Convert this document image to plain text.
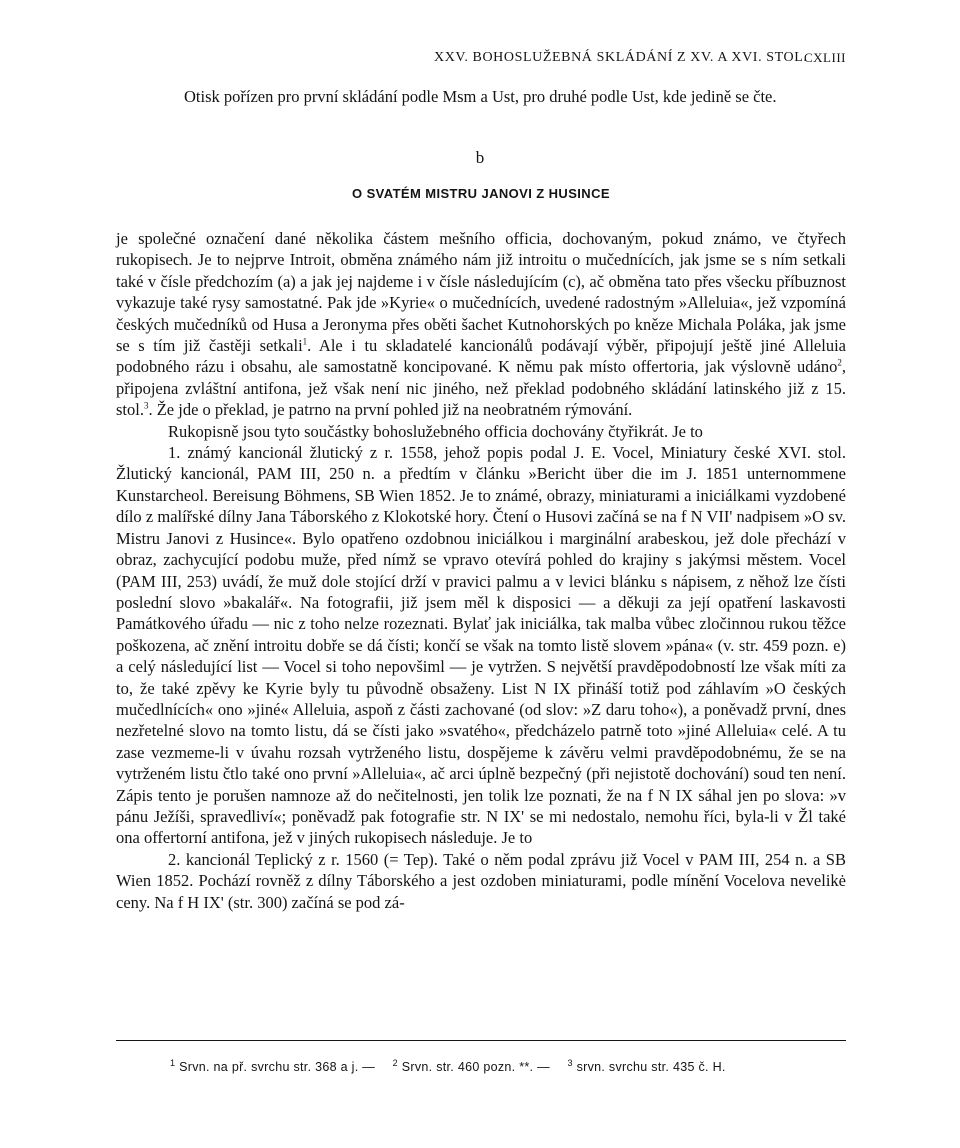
XXV. BOHOSLUŽEBNÁ SKLÁDÁNÍ Z XV. A XVI. STOL.
CXLIII
Otisk pořízen pro první skládání podle Msm a Ust, pro druhé podle Ust, kde jedině se čte.
b
O SVATÉM MISTRU JANOVI Z HUSINCE

je společné označení dané několika částem mešního officia, dochovaným, pokud známo, ve čtyřech rukopisech. Je to nejprve Introit, obměna známého nám již introitu o mučednících, jak jsme se s ním setkali také v čísle předchozím (a) a jak jej najdeme i v čísle následujícím (c), ač obměna tato přes všecku příbuznost vykazuje také rysy samostatné. Pak jde »Kyrie« o mučednících, uvedené radostným »Alleluia«, jež vzpomíná českých mučedníků od Husa a Jeronyma přes oběti šachet Kutnohorských po kněze Michala Poláka, jak jsme se s tím již častěji setkali$^1$. Ale i tu skladatelé kancionálů podávají výběr, připojují ještě jiné Alleluia podobného rázu i obsahu, ale samostatně koncipované. K němu pak místo offertoria, jak výslovně udáno$^2$, připojena zvláštní antifona, jež však není nic jiného, než překlad podobného skládání latinského již z 15. stol.$^3$. Že jde o překlad, je patrno na první pohled již na neobratném rýmování.

Rukopisně jsou tyto součástky bohoslužebného officia dochovány čtyřikrát. Je to

1. známý kancionál žlutický z r. 1558, jehož popis podal J. E. Vocel, Miniatury české XVI. stol. Žlutický kancionál, PAM III, 250 n. a předtím v článku »Bericht über die im J. 1851 unternommene Kunstarcheol. Bereisung Böhmens, SB Wien 1852. Je to známé, obrazy, miniaturami a iniciálkami vyzdobené dílo z malířské dílny Jana Táborského z Klokotské hory. Čtení o Husovi začíná se na f N VII' nadpisem »O sv. Mistru Janovi z Husince«. Bylo opatřeno ozdobnou iniciálkou i marginální arabeskou, jež dole přechází v obraz, zachycující podobu muže, před nímž se vpravo otevírá pohled do krajiny s jakýmsi městem. Vocel (PAM III, 253) uvádí, že muž dole stojící drží v pravici palmu a v levici blánku s nápisem, z něhož lze čísti poslední slovo »bakalář«. Na fotografii, již jsem měl k disposici — a děkuji za její opatření laskavosti Památkového úřadu — nic z toho nelze rozeznati. Bylať jak iniciálka, tak malba vůbec zločinnou rukou těžce poškozena, ač znění introitu dobře se dá čísti; končí se však na tomto listě slovem »pána« (v. str. 459 pozn. e) a celý následující list — Vocel si toho nepovšiml — je vytržen. S největší pravděpodobností lze však míti za to, že také zpěvy ke Kyrie byly tu původně obsaženy. List N IX přináší totiž pod záhlavím »O českých mučedlnících« ono »jiné« Alleluia, aspoň z části zachované (od slov: »Z daru toho«), a poněvadž první, dnes nezřetelné slovo na tomto listu, dá se čísti jako »svatého«, předcházelo patrně toto »jiné Alleluia« celé. A tu zase vezmeme-li v úvahu rozsah vytrženého listu, dospějeme k závěru velmi pravděpodobnému, že se na vytrženém listu čtlo také ono první »Alleluia«, ač arci úplně bezpečný (při nejistotě dochování) soud ten není. Zápis tento je porušen namnoze až do nečitelnosti, jen tolik lze poznati, že na f N IX sáhal jen po slova: »v pánu Ježíši, spravedliví«; poněvadž pak fotografie str. N IX' se mi nedostalo, nemohu říci, byla-li v Žl také ona offertorní antifona, jež v jiných rukopisech následuje. Je to

2. kancionál Teplický z r. 1560 (= Tep). Také o něm podal zprávu již Vocel v PAM III, 254 n. a SB Wien 1852. Pochází rovněž z dílny Táborského a jest ozdoben miniaturami, podle mínění Vocelova nevelikė ceny. Na f H IX' (str. 300) začíná se pod zá-

$^1$ Srvn. na př. svrchu str. 368 a j. — $^2$ Srvn. str. 460 pozn. **. — $^3$ srvn. svrchu str. 435 č. H.
